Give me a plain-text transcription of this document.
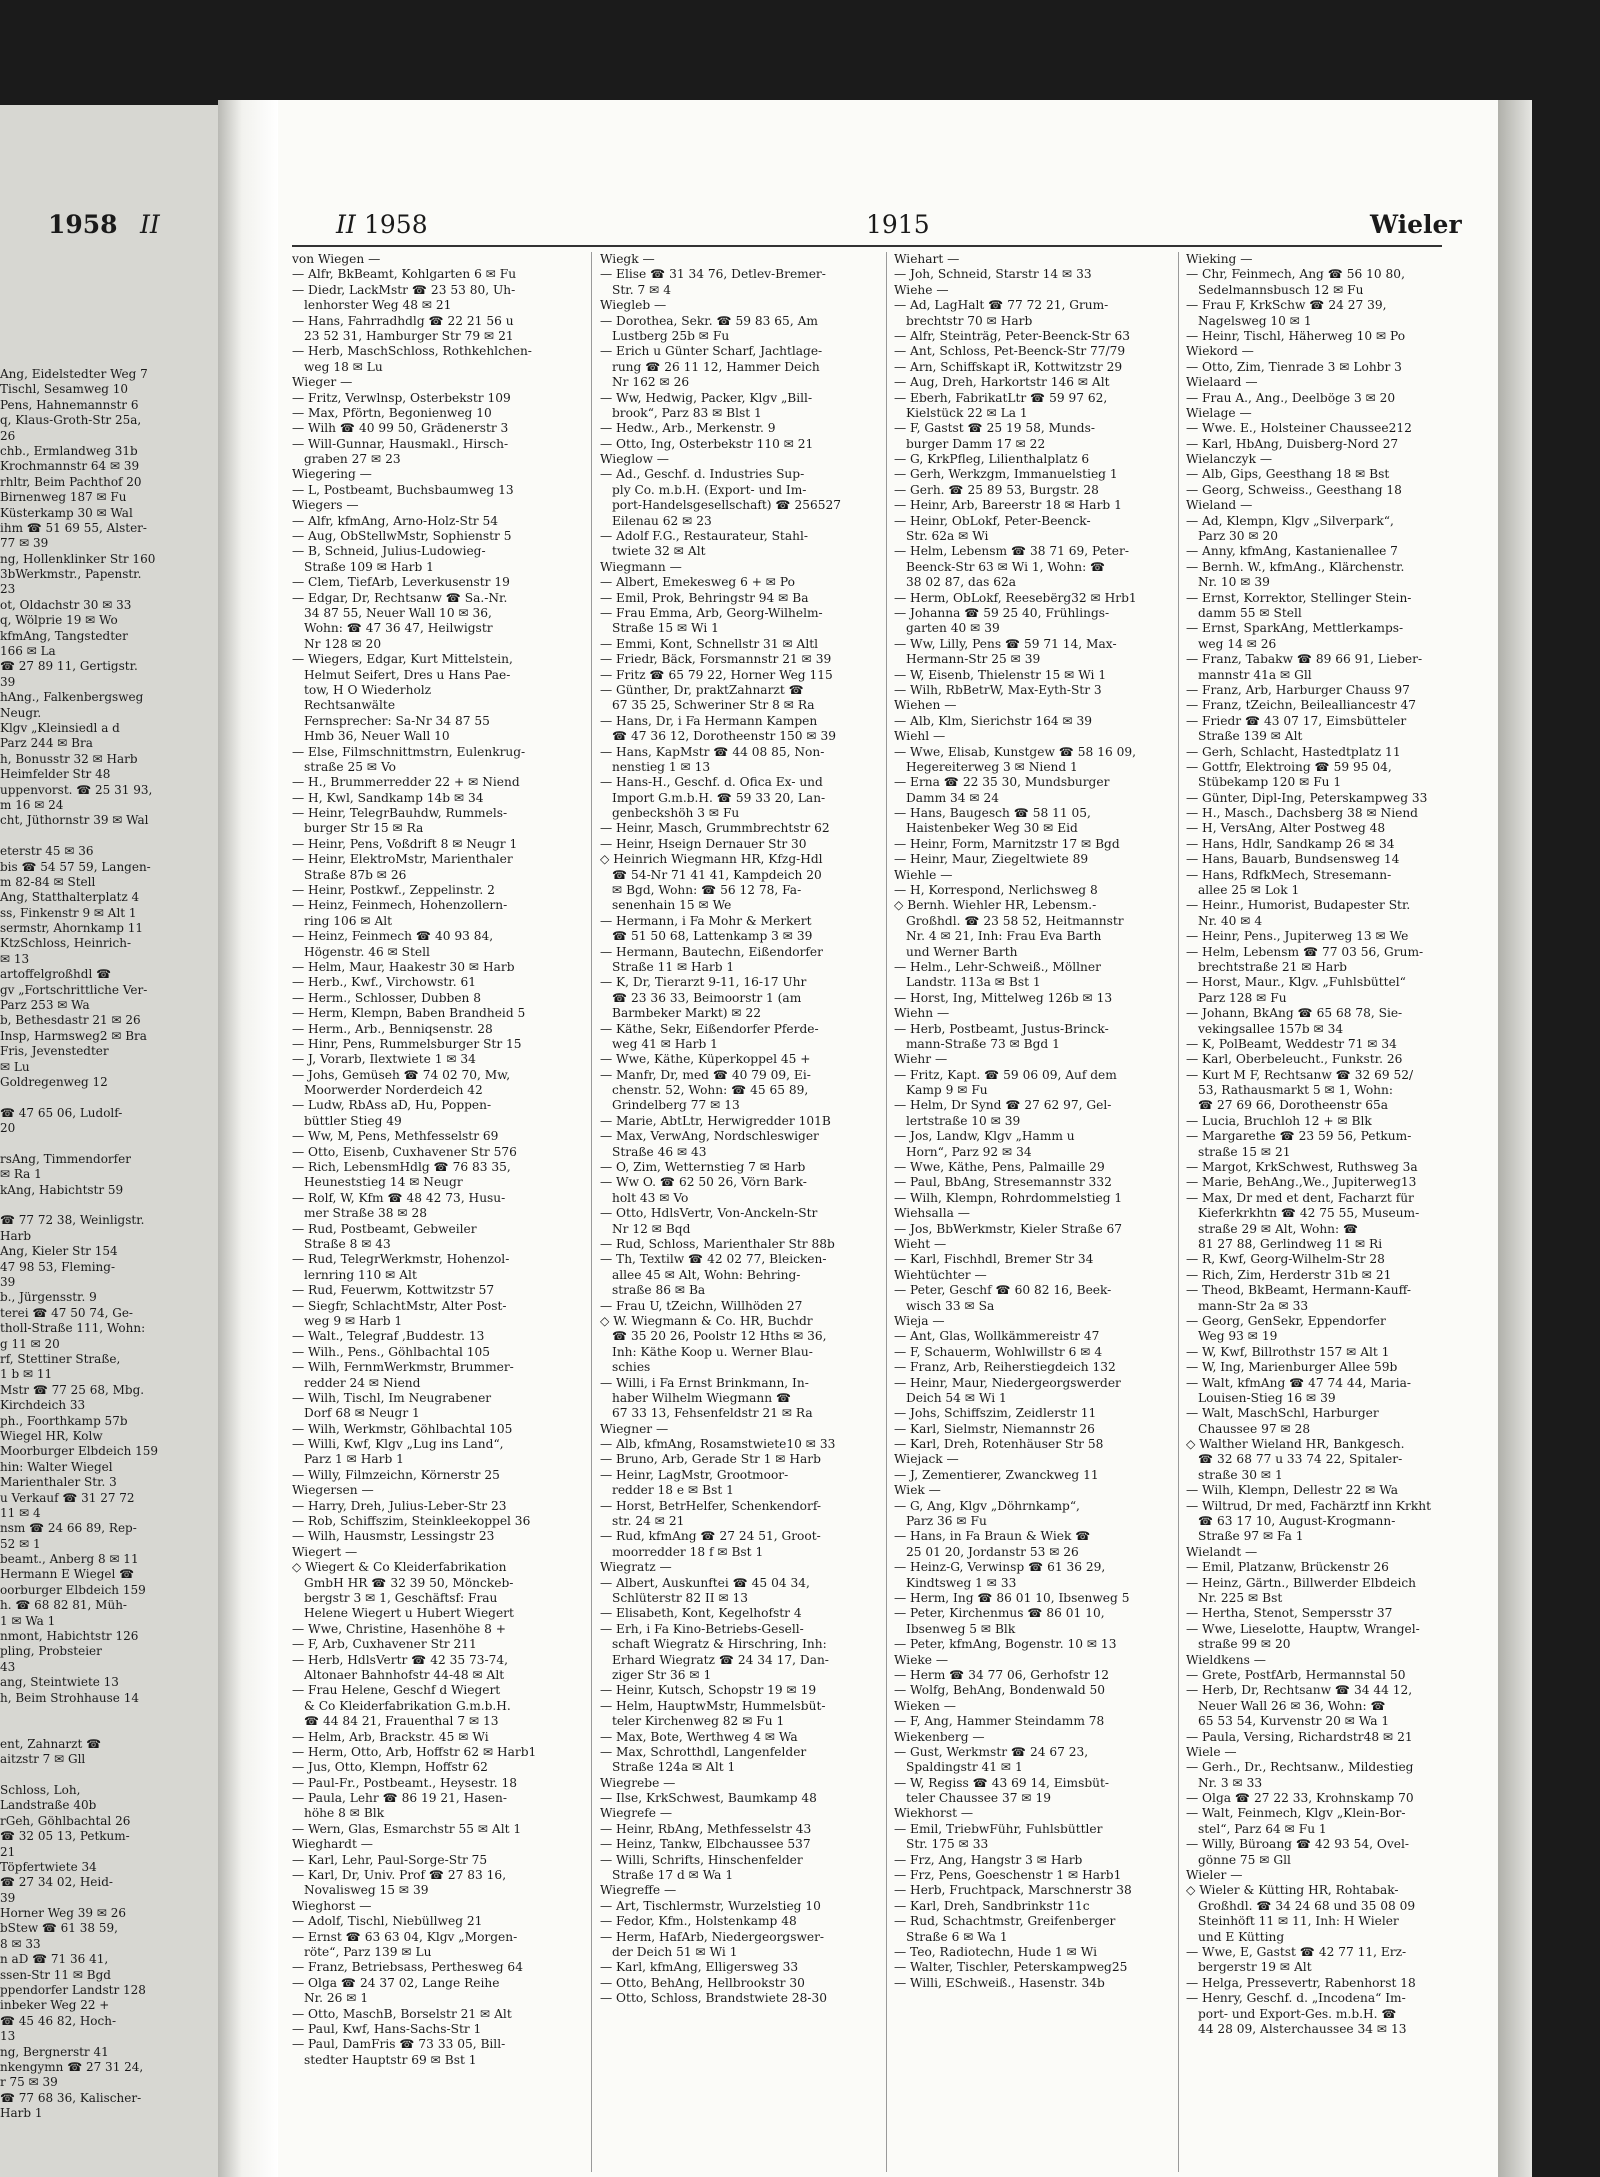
1958 II
Ang, Eidelstedter Weg 7
Tischl, Sesamweg 10
Pens, Hahnemannstr 6
q, Klaus-Groth-Str 25a,
26
chb., Ermlandweg 31b
Krochmannstr 64 ✉ 39
rhltr, Beim Pachthof 20
Birnenweg 187 ✉ Fu
Küsterkamp 30 ✉ Wal
ihm ☎ 51 69 55, Alster-
77 ✉ 39
ng, Hollenklinker Str 160
3bWerkmstr., Papenstr.
23
ot, Oldachstr 30 ✉ 33
q, Wölprie 19 ✉ Wo
kfmAng, Tangstedter
166 ✉ La
☎ 27 89 11, Gertigstr.
39
hAng., Falkenbergsweg
Neugr.
Klgv „Kleinsiedl a d
Parz 244 ✉ Bra
h, Bonusstr 32 ✉ Harb
Heimfelder Str 48
uppenvorst. ☎ 25 31 93,
m 16 ✉ 24
cht, Jüthornstr 39 ✉ Wal
eterstr 45 ✉ 36
bis ☎ 54 57 59, Langen-
m 82-84 ✉ Stell
Ang, Statthalterplatz 4
ss, Finkenstr 9 ✉ Alt 1
sermstr, Ahornkamp 11
KtzSchloss, Heinrich-
✉ 13
artoffelgroßhdl ☎
gv „Fortschrittliche Ver-
Parz 253 ✉ Wa
b, Bethesdastr 21 ✉ 26
Insp, Harmsweg2 ✉ Bra
Fris, Jevenstedter
✉ Lu
Goldregenweg 12
☎ 47 65 06, Ludolf-
20
rsAng, Timmendorfer
✉ Ra 1
kAng, Habichtstr 59
☎ 77 72 38, Weinligstr.
Harb
Ang, Kieler Str 154
47 98 53, Fleming-
39
b., Jürgensstr. 9
terei ☎ 47 50 74, Ge-
tholl-Straße 111, Wohn:
g 11 ✉ 20
rf, Stettiner Straße,
1 b ✉ 11
Mstr ☎ 77 25 68, Mbg.
Kirchdeich 33
ph., Foorthkamp 57b
Wiegel HR, Kolw
Moorburger Elbdeich 159
hin: Walter Wiegel
Marienthaler Str. 3
u Verkauf ☎ 31 27 72
11 ✉ 4
nsm ☎ 24 66 89, Rep-
52 ✉ 1
beamt., Anberg 8 ✉ 11
Hermann E Wiegel ☎
oorburger Elbdeich 159
h. ☎ 68 82 81, Müh-
1 ✉ Wa 1
nmont, Habichtstr 126
pling, Probsteier
43
ang, Steintwiete 13
h, Beim Strohhause 14
ent, Zahnarzt ☎
aitzstr 7 ✉ Gll
Schloss, Loh,
Landstraße 40b
rGeh, Göhlbachtal 26
☎ 32 05 13, Petkum-
21
Töpfertwiete 34
☎ 27 34 02, Heid-
39
Horner Weg 39 ✉ 26
bStew ☎ 61 38 59,
8 ✉ 33
n aD ☎ 71 36 41,
ssen-Str 11 ✉ Bgd
ppendorfer Landstr 128
inbeker Weg 22 +
☎ 45 46 82, Hoch-
13
ng, Bergnerstr 41
nkengymn ☎ 27 31 24,
r 75 ✉ 39
☎ 77 68 36, Kalischer-
Harb 1
II 1958	1915	Wieler
von Wiegen —
— Alfr, BkBeamt, Kohlgarten 6 ✉ Fu
— Diedr, LackMstr ☎ 23 53 80, Uh-
lenhorster Weg 48 ✉ 21
— Hans, Fahrradhdlg ☎ 22 21 56 u
23 52 31, Hamburger Str 79 ✉ 21
— Herb, MaschSchloss, Rothkehlchen-
weg 18 ✉ Lu
Wieger —
— Fritz, Verwlnsp, Osterbekstr 109
— Max, Pförtn, Begonienweg 10
— Wilh ☎ 40 99 50, Grädenerstr 3
— Will-Gunnar, Hausmakl., Hirsch-
graben 27 ✉ 23
Wiegering —
— L, Postbeamt, Buchsbaumweg 13
Wiegers —
— Alfr, kfmAng, Arno-Holz-Str 54
— Aug, ObStellwMstr, Sophienstr 5
— B, Schneid, Julius-Ludowieg-
Straße 109 ✉ Harb 1
— Clem, TiefArb, Leverkusenstr 19
— Edgar, Dr, Rechtsanw ☎ Sa.-Nr.
34 87 55, Neuer Wall 10 ✉ 36,
Wohn: ☎ 47 36 47, Heilwigstr
Nr 128 ✉ 20
— Wiegers, Edgar, Kurt Mittelstein,
Helmut Seifert, Dres u Hans Pae-
tow, H O Wiederholz
Rechtsanwälte
Fernsprecher: Sa-Nr 34 87 55
Hmb 36, Neuer Wall 10
— Else, Filmschnittmstrn, Eulenkrug-
straße 25 ✉ Vo
— H., Brummerredder 22 + ✉ Niend
— H, Kwl, Sandkamp 14b ✉ 34
— Heinr, TelegrBauhdw, Rummels-
burger Str 15 ✉ Ra
— Heinr, Pens, Voßdrift 8 ✉ Neugr 1
— Heinr, ElektroMstr, Marienthaler
Straße 87b ✉ 26
— Heinr, Postkwf., Zeppelinstr. 2
— Heinz, Feinmech, Hohenzollern-
ring 106 ✉ Alt
— Heinz, Feinmech ☎ 40 93 84,
Högenstr. 46 ✉ Stell
— Helm, Maur, Haakestr 30 ✉ Harb
— Herb., Kwf., Virchowstr. 61
— Herm., Schlosser, Dubben 8
— Herm, Klempn, Baben Brandheid 5
— Herm., Arb., Benniqsenstr. 28
— Hinr, Pens, Rummelsburger Str 15
— J, Vorarb, Ilextwiete 1 ✉ 34
— Johs, Gemüseh ☎ 74 02 70, Mw,
Moorwerder Norderdeich 42
— Ludw, RbAss aD, Hu, Poppen-
büttler Stieg 49
— Ww, M, Pens, Methfesselstr 69
— Otto, Eisenb, Cuxhavener Str 576
— Rich, LebensmHdlg ☎ 76 83 35,
Heuneststieg 14 ✉ Neugr
— Rolf, W, Kfm ☎ 48 42 73, Husu-
mer Straße 38 ✉ 28
— Rud, Postbeamt, Gebweiler
Straße 8 ✉ 43
— Rud, TelegrWerkmstr, Hohenzol-
lernring 110 ✉ Alt
— Rud, Feuerwm, Kottwitzstr 57
— Siegfr, SchlachtMstr, Alter Post-
weg 9 ✉ Harb 1
— Walt., Telegraf ,Buddestr. 13
— Wilh., Pens., Göhlbachtal 105
— Wilh, FernmWerkmstr, Brummer-
redder 24 ✉ Niend
— Wilh, Tischl, Im Neugrabener
Dorf 68 ✉ Neugr 1
— Wilh, Werkmstr, Göhlbachtal 105
— Willi, Kwf, Klgv „Lug ins Land“,
Parz 1 ✉ Harb 1
— Willy, Filmzeichn, Körnerstr 25
Wiegersen —
— Harry, Dreh, Julius-Leber-Str 23
— Rob, Schiffszim, Steinkleekoppel 36
— Wilh, Hausmstr, Lessingstr 23
Wiegert —
◇ Wiegert & Co Kleiderfabrikation
GmbH HR ☎ 32 39 50, Mönckeb-
bergstr 3 ✉ 1, Geschäftsf: Frau
Helene Wiegert u Hubert Wiegert
— Wwe, Christine, Hasenhöhe 8 +
— F, Arb, Cuxhavener Str 211
— Herb, HdlsVertr ☎ 42 35 73-74,
Altonaer Bahnhofstr 44-48 ✉ Alt
— Frau Helene, Geschf d Wiegert
& Co Kleiderfabrikation G.m.b.H.
☎ 44 84 21, Frauenthal 7 ✉ 13
— Helm, Arb, Brackstr. 45 ✉ Wi
— Herm, Otto, Arb, Hoffstr 62 ✉ Harb1
— Jus, Otto, Klempn, Hoffstr 62
— Paul-Fr., Postbeamt., Heysestr. 18
— Paula, Lehr ☎ 86 19 21, Hasen-
höhe 8 ✉ Blk
— Wern, Glas, Esmarchstr 55 ✉ Alt 1
Wieghardt —
— Karl, Lehr, Paul-Sorge-Str 75
— Karl, Dr, Univ. Prof ☎ 27 83 16,
Novalisweg 15 ✉ 39
Wieghorst —
— Adolf, Tischl, Niebüllweg 21
— Ernst ☎ 63 63 04, Klgv „Morgen-
röte“, Parz 139 ✉ Lu
— Franz, Betriebsass, Perthesweg 64
— Olga ☎ 24 37 02, Lange Reihe
Nr. 26 ✉ 1
— Otto, MaschB, Borselstr 21 ✉ Alt
— Paul, Kwf, Hans-Sachs-Str 1
— Paul, DamFris ☎ 73 33 05, Bill-
stedter Hauptstr 69 ✉ Bst 1
Wiegk —
— Elise ☎ 31 34 76, Detlev-Bremer-
Str. 7 ✉ 4
Wiegleb —
— Dorothea, Sekr. ☎ 59 83 65, Am
Lustberg 25b ✉ Fu
— Erich u Günter Scharf, Jachtlage-
rung ☎ 26 11 12, Hammer Deich
Nr 162 ✉ 26
— Ww, Hedwig, Packer, Klgv „Bill-
brook“, Parz 83 ✉ Blst 1
— Hedw., Arb., Merkenstr. 9
— Otto, Ing, Osterbekstr 110 ✉ 21
Wieglow —
— Ad., Geschf. d. Industries Sup-
ply Co. m.b.H. (Export- und Im-
port-Handelsgesellschaft) ☎ 256527
Eilenau 62 ✉ 23
— Adolf F.G., Restaurateur, Stahl-
twiete 32 ✉ Alt
Wiegmann —
— Albert, Emekesweg 6 + ✉ Po
— Emil, Prok, Behringstr 94 ✉ Ba
— Frau Emma, Arb, Georg-Wilhelm-
Straße 15 ✉ Wi 1
— Emmi, Kont, Schnellstr 31 ✉ Altl
— Friedr, Bäck, Forsmannstr 21 ✉ 39
— Fritz ☎ 65 79 22, Horner Weg 115
— Günther, Dr, praktZahnarzt ☎
67 35 25, Schweriner Str 8 ✉ Ra
— Hans, Dr, i Fa Hermann Kampen
☎ 47 36 12, Dorotheenstr 150 ✉ 39
— Hans, KapMstr ☎ 44 08 85, Non-
nenstieg 1 ✉ 13
— Hans-H., Geschf. d. Ofica Ex- und
Import G.m.b.H. ☎ 59 33 20, Lan-
genbeckshöh 3 ✉ Fu
— Heinr, Masch, Grummbrechtstr 62
— Heinr, Hseign Dernauer Str 30
◇ Heinrich Wiegmann HR, Kfzg-Hdl
☎ 54-Nr 71 41 41, Kampdeich 20
✉ Bgd, Wohn: ☎ 56 12 78, Fa-
senenhain 15 ✉ We
— Hermann, i Fa Mohr & Merkert
☎ 51 50 68, Lattenkamp 3 ✉ 39
— Hermann, Bautechn, Eißendorfer
Straße 11 ✉ Harb 1
— K, Dr, Tierarzt 9-11, 16-17 Uhr
☎ 23 36 33, Beimoorstr 1 (am
Barmbeker Markt) ✉ 22
— Käthe, Sekr, Eißendorfer Pferde-
weg 41 ✉ Harb 1
— Wwe, Käthe, Küperkoppel 45 +
— Manfr, Dr, med ☎ 40 79 09, Ei-
chenstr. 52, Wohn: ☎ 45 65 89,
Grindelberg 77 ✉ 13
— Marie, AbtLtr, Herwigredder 101B
— Max, VerwAng, Nordschleswiger
Straße 46 ✉ 43
— O, Zim, Wetternstieg 7 ✉ Harb
— Ww O. ☎ 62 50 26, Vörn Bark-
holt 43 ✉ Vo
— Otto, HdlsVertr, Von-Anckeln-Str
Nr 12 ✉ Bqd
— Rud, Schloss, Marienthaler Str 88b
— Th, Textilw ☎ 42 02 77, Bleicken-
allee 45 ✉ Alt, Wohn: Behring-
straße 86 ✉ Ba
— Frau U, tZeichn, Willhöden 27
◇ W. Wiegmann & Co. HR, Buchdr
☎ 35 20 26, Poolstr 12 Hths ✉ 36,
Inh: Käthe Koop u. Werner Blau-
schies
— Willi, i Fa Ernst Brinkmann, In-
haber Wilhelm Wiegmann ☎
67 33 13, Fehsenfeldstr 21 ✉ Ra
Wiegner —
— Alb, kfmAng, Rosamstwiete10 ✉ 33
— Bruno, Arb, Gerade Str 1 ✉ Harb
— Heinr, LagMstr, Grootmoor-
redder 18 e ✉ Bst 1
— Horst, BetrHelfer, Schenkendorf-
str. 24 ✉ 21
— Rud, kfmAng ☎ 27 24 51, Groot-
moorredder 18 f ✉ Bst 1
Wiegratz —
— Albert, Auskunftei ☎ 45 04 34,
Schlüterstr 82 II ✉ 13
— Elisabeth, Kont, Kegelhofstr 4
— Erh, i Fa Kino-Betriebs-Gesell-
schaft Wiegratz & Hirschring, Inh:
Erhard Wiegratz ☎ 24 34 17, Dan-
ziger Str 36 ✉ 1
— Heinr, Kutsch, Schopstr 19 ✉ 19
— Helm, HauptwMstr, Hummelsbüt-
teler Kirchenweg 82 ✉ Fu 1
— Max, Bote, Werthweg 4 ✉ Wa
— Max, Schrotthdl, Langenfelder
Straße 124a ✉ Alt 1
Wiegrebe —
— Ilse, KrkSchwest, Baumkamp 48
Wiegrefe —
— Heinr, RbAng, Methfesselstr 43
— Heinz, Tankw, Elbchaussee 537
— Willi, Schrifts, Hinschenfelder
Straße 17 d ✉ Wa 1
Wiegreffe —
— Art, Tischlermstr, Wurzelstieg 10
— Fedor, Kfm., Holstenkamp 48
— Herm, HafArb, Niedergeorgswer-
der Deich 51 ✉ Wi 1
— Karl, kfmAng, Elligersweg 33
— Otto, BehAng, Hellbrookstr 30
— Otto, Schloss, Brandstwiete 28-30
Wiehart —
— Joh, Schneid, Starstr 14 ✉ 33
Wiehe —
— Ad, LagHalt ☎ 77 72 21, Grum-
brechtstr 70 ✉ Harb
— Alfr, Steinträg, Peter-Beenck-Str 63
— Ant, Schloss, Pet-Beenck-Str 77/79
— Arn, Schiffskapt iR, Kottwitzstr 29
— Aug, Dreh, Harkortstr 146 ✉ Alt
— Eberh, FabrikatLtr ☎ 59 97 62,
Kielstück 22 ✉ La 1
— F, Gastst ☎ 25 19 58, Munds-
burger Damm 17 ✉ 22
— G, KrkPfleg, Lilienthalplatz 6
— Gerh, Werkzgm, Immanuelstieg 1
— Gerh. ☎ 25 89 53, Burgstr. 28
— Heinr, Arb, Bareerstr 18 ✉ Harb 1
— Heinr, ObLokf, Peter-Beenck-
Str. 62a ✉ Wi
— Helm, Lebensm ☎ 38 71 69, Peter-
Beenck-Str 63 ✉ Wi 1, Wohn: ☎
38 02 87, das 62a
— Herm, ObLokf, Reesebërg32 ✉ Hrb1
— Johanna ☎ 59 25 40, Frühlings-
garten 40 ✉ 39
— Ww, Lilly, Pens ☎ 59 71 14, Max-
Hermann-Str 25 ✉ 39
— W, Eisenb, Thielenstr 15 ✉ Wi 1
— Wilh, RbBetrW, Max-Eyth-Str 3
Wiehen —
— Alb, Klm, Sierichstr 164 ✉ 39
Wiehl —
— Wwe, Elisab, Kunstgew ☎ 58 16 09,
Hegereiterweg 3 ✉ Niend 1
— Erna ☎ 22 35 30, Mundsburger
Damm 34 ✉ 24
— Hans, Baugesch ☎ 58 11 05,
Haistenbeker Weg 30 ✉ Eid
— Heinr, Form, Marnitzstr 17 ✉ Bgd
— Heinr, Maur, Ziegeltwiete 89
Wiehle —
— H, Korrespond, Nerlichsweg 8
◇ Bernh. Wiehler HR, Lebensm.-
Großhdl. ☎ 23 58 52, Heitmannstr
Nr. 4 ✉ 21, Inh: Frau Eva Barth
und Werner Barth
— Helm., Lehr-Schweiß., Möllner
Landstr. 113a ✉ Bst 1
— Horst, Ing, Mittelweg 126b ✉ 13
Wiehn —
— Herb, Postbeamt, Justus-Brinck-
mann-Straße 73 ✉ Bgd 1
Wiehr —
— Fritz, Kapt. ☎ 59 06 09, Auf dem
Kamp 9 ✉ Fu
— Helm, Dr Synd ☎ 27 62 97, Gel-
lertstraße 10 ✉ 39
— Jos, Landw, Klgv „Hamm u
Horn“, Parz 92 ✉ 34
— Wwe, Käthe, Pens, Palmaille 29
— Paul, BbAng, Stresemannstr 332
— Wilh, Klempn, Rohrdommelstieg 1
Wiehsalla —
— Jos, BbWerkmstr, Kieler Straße 67
Wieht —
— Karl, Fischhdl, Bremer Str 34
Wiehtüchter —
— Peter, Geschf ☎ 60 82 16, Beek-
wisch 33 ✉ Sa
Wieja —
— Ant, Glas, Wollkämmereistr 47
— F, Schauerm, Wohlwillstr 6 ✉ 4
— Franz, Arb, Reiherstiegdeich 132
— Heinr, Maur, Niedergeorgswerder
Deich 54 ✉ Wi 1
— Johs, Schiffszim, Zeidlerstr 11
— Karl, Sielmstr, Niemannstr 26
— Karl, Dreh, Rotenhäuser Str 58
Wiejack —
— J, Zementierer, Zwanckweg 11
Wiek —
— G, Ang, Klgv „Döhrnkamp“,
Parz 36 ✉ Fu
— Hans, in Fa Braun & Wiek ☎
25 01 20, Jordanstr 53 ✉ 26
— Heinz-G, Verwinsp ☎ 61 36 29,
Kindtsweg 1 ✉ 33
— Herm, Ing ☎ 86 01 10, Ibsenweg 5
— Peter, Kirchenmus ☎ 86 01 10,
Ibsenweg 5 ✉ Blk
— Peter, kfmAng, Bogenstr. 10 ✉ 13
Wieke —
— Herm ☎ 34 77 06, Gerhofstr 12
— Wolfg, BehAng, Bondenwald 50
Wieken —
— F, Ang, Hammer Steindamm 78
Wiekenberg —
— Gust, Werkmstr ☎ 24 67 23,
Spaldingstr 41 ✉ 1
— W, Regiss ☎ 43 69 14, Eimsbüt-
teler Chaussee 37 ✉ 19
Wiekhorst —
— Emil, TriebwFühr, Fuhlsbüttler
Str. 175 ✉ 33
— Frz, Ang, Hangstr 3 ✉ Harb
— Frz, Pens, Goeschenstr 1 ✉ Harb1
— Herb, Fruchtpack, Marschnerstr 38
— Karl, Dreh, Sandbrinkstr 11c
— Rud, Schachtmstr, Greifenberger
Straße 6 ✉ Wa 1
— Teo, Radiotechn, Hude 1 ✉ Wi
— Walter, Tischler, Peterskampweg25
— Willi, ESchweiß., Hasenstr. 34b
Wieking —
— Chr, Feinmech, Ang ☎ 56 10 80,
Sedelmannsbusch 12 ✉ Fu
— Frau F, KrkSchw ☎ 24 27 39,
Nagelsweg 10 ✉ 1
— Heinr, Tischl, Häherweg 10 ✉ Po
Wiekord —
— Otto, Zim, Tienrade 3 ✉ Lohbr 3
Wielaard —
— Frau A., Ang., Deelböge 3 ✉ 20
Wielage —
— Wwe. E., Holsteiner Chaussee212
— Karl, HbAng, Duisberg-Nord 27
Wielanczyk —
— Alb, Gips, Geesthang 18 ✉ Bst
— Georg, Schweiss., Geesthang 18
Wieland —
— Ad, Klempn, Klgv „Silverpark“,
Parz 30 ✉ 20
— Anny, kfmAng, Kastanienallee 7
— Bernh. W., kfmAng., Klärchenstr.
Nr. 10 ✉ 39
— Ernst, Korrektor, Stellinger Stein-
damm 55 ✉ Stell
— Ernst, SparkAng, Mettlerkamps-
weg 14 ✉ 26
— Franz, Tabakw ☎ 89 66 91, Lieber-
mannstr 41a ✉ Gll
— Franz, Arb, Harburger Chauss 97
— Franz, tZeichn, Beilealliancestr 47
— Friedr ☎ 43 07 17, Eimsbütteler
Straße 139 ✉ Alt
— Gerh, Schlacht, Hastedtplatz 11
— Gottfr, Elektroing ☎ 59 95 04,
Stübekamp 120 ✉ Fu 1
— Günter, Dipl-Ing, Peterskampweg 33
— H., Masch., Dachsberg 38 ✉ Niend
— H, VersAng, Alter Postweg 48
— Hans, Hdlr, Sandkamp 26 ✉ 34
— Hans, Bauarb, Bundsensweg 14
— Hans, RdfkMech, Stresemann-
allee 25 ✉ Lok 1
— Heinr., Humorist, Budapester Str.
Nr. 40 ✉ 4
— Heinr, Pens., Jupiterweg 13 ✉ We
— Helm, Lebensm ☎ 77 03 56, Grum-
brechtstraße 21 ✉ Harb
— Horst, Maur., Klgv. „Fuhlsbüttel“
Parz 128 ✉ Fu
— Johann, BkAng ☎ 65 68 78, Sie-
vekingsallee 157b ✉ 34
— K, PolBeamt, Weddestr 71 ✉ 34
— Karl, Oberbeleucht., Funkstr. 26
— Kurt M F, Rechtsanw ☎ 32 69 52/
53, Rathausmarkt 5 ✉ 1, Wohn:
☎ 27 69 66, Dorotheenstr 65a
— Lucia, Bruchloh 12 + ✉ Blk
— Margarethe ☎ 23 59 56, Petkum-
straße 15 ✉ 21
— Margot, KrkSchwest, Ruthsweg 3a
— Marie, BehAng.,We., Jupiterweg13
— Max, Dr med et dent, Facharzt für
Kieferkrkhtn ☎ 42 75 55, Museum-
straße 29 ✉ Alt, Wohn: ☎
81 27 88, Gerlindweg 11 ✉ Ri
— R, Kwf, Georg-Wilhelm-Str 28
— Rich, Zim, Herderstr 31b ✉ 21
— Theod, BkBeamt, Hermann-Kauff-
mann-Str 2a ✉ 33
— Georg, GenSekr, Eppendorfer
Weg 93 ✉ 19
— W, Kwf, Billrothstr 157 ✉ Alt 1
— W, Ing, Marienburger Allee 59b
— Walt, kfmAng ☎ 47 74 44, Maria-
Louisen-Stieg 16 ✉ 39
— Walt, MaschSchl, Harburger
Chaussee 97 ✉ 28
◇ Walther Wieland HR, Bankgesch.
☎ 32 68 77 u 33 74 22, Spitaler-
straße 30 ✉ 1
— Wilh, Klempn, Dellestr 22 ✉ Wa
— Wiltrud, Dr med, Fachärztf inn Krkht
☎ 63 17 10, August-Krogmann-
Straße 97 ✉ Fa 1
Wielandt —
— Emil, Platzanw, Brückenstr 26
— Heinz, Gärtn., Billwerder Elbdeich
Nr. 225 ✉ Bst
— Hertha, Stenot, Sempersstr 37
— Wwe, Lieselotte, Hauptw, Wrangel-
straße 99 ✉ 20
Wieldkens —
— Grete, PostfArb, Hermannstal 50
— Herb, Dr, Rechtsanw ☎ 34 44 12,
Neuer Wall 26 ✉ 36, Wohn: ☎
65 53 54, Kurvenstr 20 ✉ Wa 1
— Paula, Versing, Richardstr48 ✉ 21
Wiele —
— Gerh., Dr., Rechtsanw., Mildestieg
Nr. 3 ✉ 33
— Olga ☎ 27 22 33, Krohnskamp 70
— Walt, Feinmech, Klgv „Klein-Bor-
stel“, Parz 64 ✉ Fu 1
— Willy, Büroang ☎ 42 93 54, Ovel-
gönne 75 ✉ Gll
Wieler —
◇ Wieler & Kütting HR, Rohtabak-
Großhdl. ☎ 34 24 68 und 35 08 09
Steinhöft 11 ✉ 11, Inh: H Wieler
und E Kütting
— Wwe, E, Gastst ☎ 42 77 11, Erz-
bergerstr 19 ✉ Alt
— Helga, Pressevertr, Rabenhorst 18
— Henry, Geschf. d. „Incodena“ Im-
port- und Export-Ges. m.b.H. ☎
44 28 09, Alsterchaussee 34 ✉ 13
